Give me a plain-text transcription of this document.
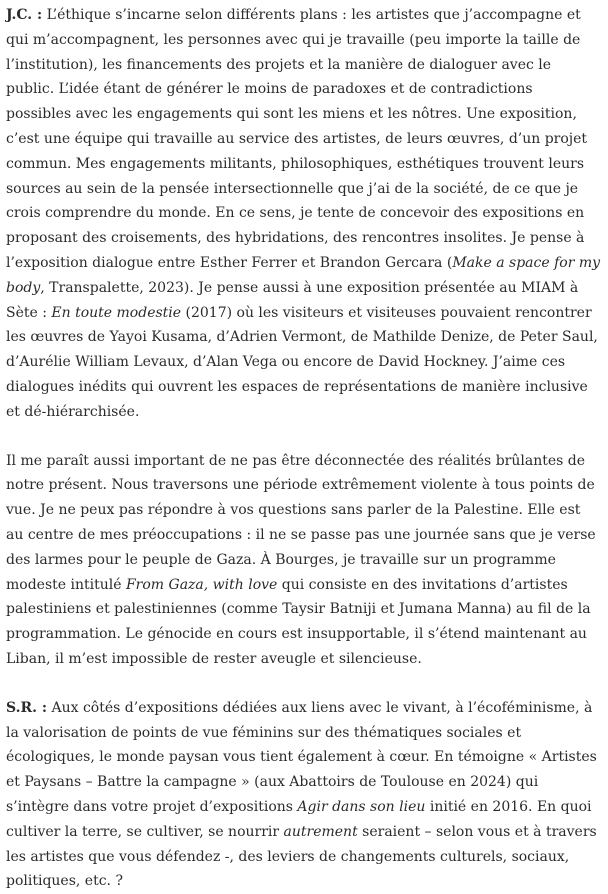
J.C. : L’éthique s’incarne selon différents plans : les artistes que j’accompagne et qui m’accompagnent, les personnes avec qui je travaille (peu importe la taille de l’institution), les financements des projets et la manière de dialoguer avec le public. L’idée étant de générer le moins de paradoxes et de contradictions possibles avec les engagements qui sont les miens et les nôtres. Une exposition, c’est une équipe qui travaille au service des artistes, de leurs œuvres, d’un projet commun. Mes engagements militants, philosophiques, esthétiques trouvent leurs sources au sein de la pensée intersectionnelle que j’ai de la société, de ce que je crois comprendre du monde. En ce sens, je tente de concevoir des expositions en proposant des croisements, des hybridations, des rencontres insolites. Je pense à l’exposition dialogue entre Esther Ferrer et Brandon Gercara (Make a space for my body, Transpalette, 2023). Je pense aussi à une exposition présentée au MIAM à Sète : En toute modestie (2017) où les visiteurs et visiteuses pouvaient rencontrer les œuvres de Yayoi Kusama, d’Adrien Vermont, de Mathilde Denize, de Peter Saul, d’Aurélie William Levaux, d’Alan Vega ou encore de David Hockney. J’aime ces dialogues inédits qui ouvrent les espaces de représentations de manière inclusive et dé-hiérarchisée.

Il me paraît aussi important de ne pas être déconnectée des réalités brûlantes de notre présent. Nous traversons une période extrêmement violente à tous points de vue. Je ne peux pas répondre à vos questions sans parler de la Palestine. Elle est au centre de mes préoccupations : il ne se passe pas une journée sans que je verse des larmes pour le peuple de Gaza. À Bourges, je travaille sur un programme modeste intitulé From Gaza, with love qui consiste en des invitations d’artistes palestiniens et palestiniennes (comme Taysir Batniji et Jumana Manna) au fil de la programmation. Le génocide en cours est insupportable, il s’étend maintenant au Liban, il m’est impossible de rester aveugle et silencieuse.

S.R. : Aux côtés d’expositions dédiées aux liens avec le vivant, à l’écoféminisme, à la valorisation de points de vue féminins sur des thématiques sociales et écologiques, le monde paysan vous tient également à cœur. En témoigne « Artistes et Paysans – Battre la campagne » (aux Abattoirs de Toulouse en 2024) qui s’intègre dans votre projet d’expositions Agir dans son lieu initié en 2016. En quoi cultiver la terre, se cultiver, se nourrir autrement seraient – selon vous et à travers les artistes que vous défendez -, des leviers de changements culturels, sociaux, politiques, etc. ?
